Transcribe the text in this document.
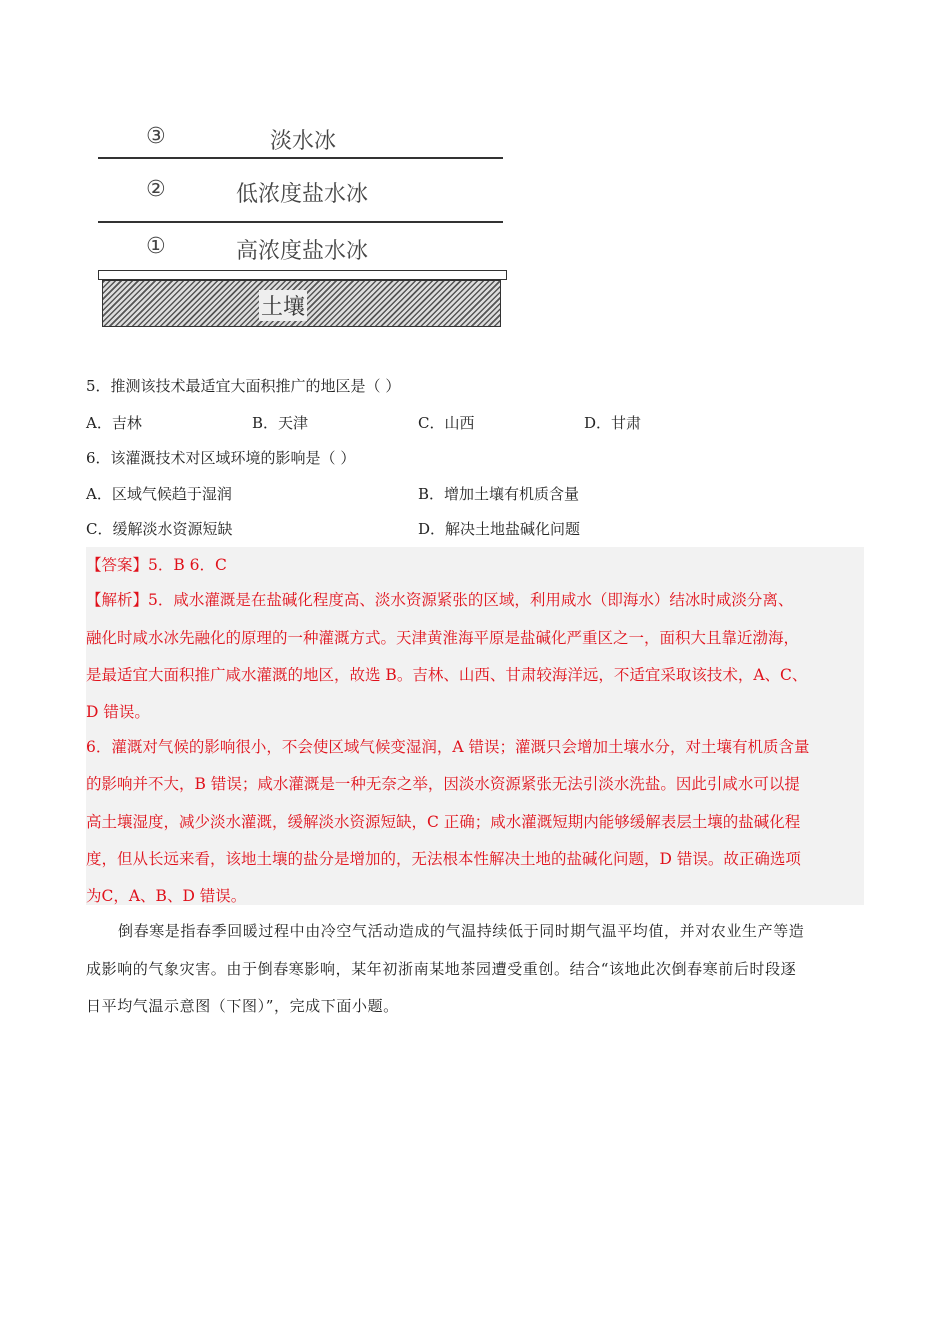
③	淡水冰
②	低浓度盐水冰
①	高浓度盐水冰
土壤
5．推测该技术最适宜大面积推广的地区是（ ）
A．吉林	B．天津	C．山西	D．甘肃
6．该灌溉技术对区域环境的影响是（ ）
A．区域气候趋于湿润	B．增加土壤有机质含量
C．缓解淡水资源短缺	D．解决土地盐碱化问题
【答案】5．B 6．C
【解析】5．咸水灌溉是在盐碱化程度高、淡水资源紧张的区域，利用咸水（即海水）结冰时咸淡分离、
融化时咸水冰先融化的原理的一种灌溉方式。天津黄淮海平原是盐碱化严重区之一，面积大且靠近渤海，
是最适宜大面积推广咸水灌溉的地区，故选 B。吉林、山西、甘肃较海洋远，不适宜采取该技术，A、C、
D 错误。
6．灌溉对气候的影响很小，不会使区域气候变湿润，A 错误；灌溉只会增加土壤水分，对土壤有机质含量
的影响并不大，B 错误；咸水灌溉是一种无奈之举，因淡水资源紧张无法引淡水洗盐。因此引咸水可以提
高土壤湿度，减少淡水灌溉，缓解淡水资源短缺，C 正确；咸水灌溉短期内能够缓解表层土壤的盐碱化程
度，但从长远来看，该地土壤的盐分是增加的，无法根本性解决土地的盐碱化问题，D 错误。故正确选项
为C，A、B、D 错误。
倒春寒是指春季回暖过程中由冷空气活动造成的气温持续低于同时期气温平均值，并对农业生产等造
成影响的气象灾害。由于倒春寒影响，某年初浙南某地茶园遭受重创。结合“该地此次倒春寒前后时段逐
日平均气温示意图（下图）”，完成下面小题。
